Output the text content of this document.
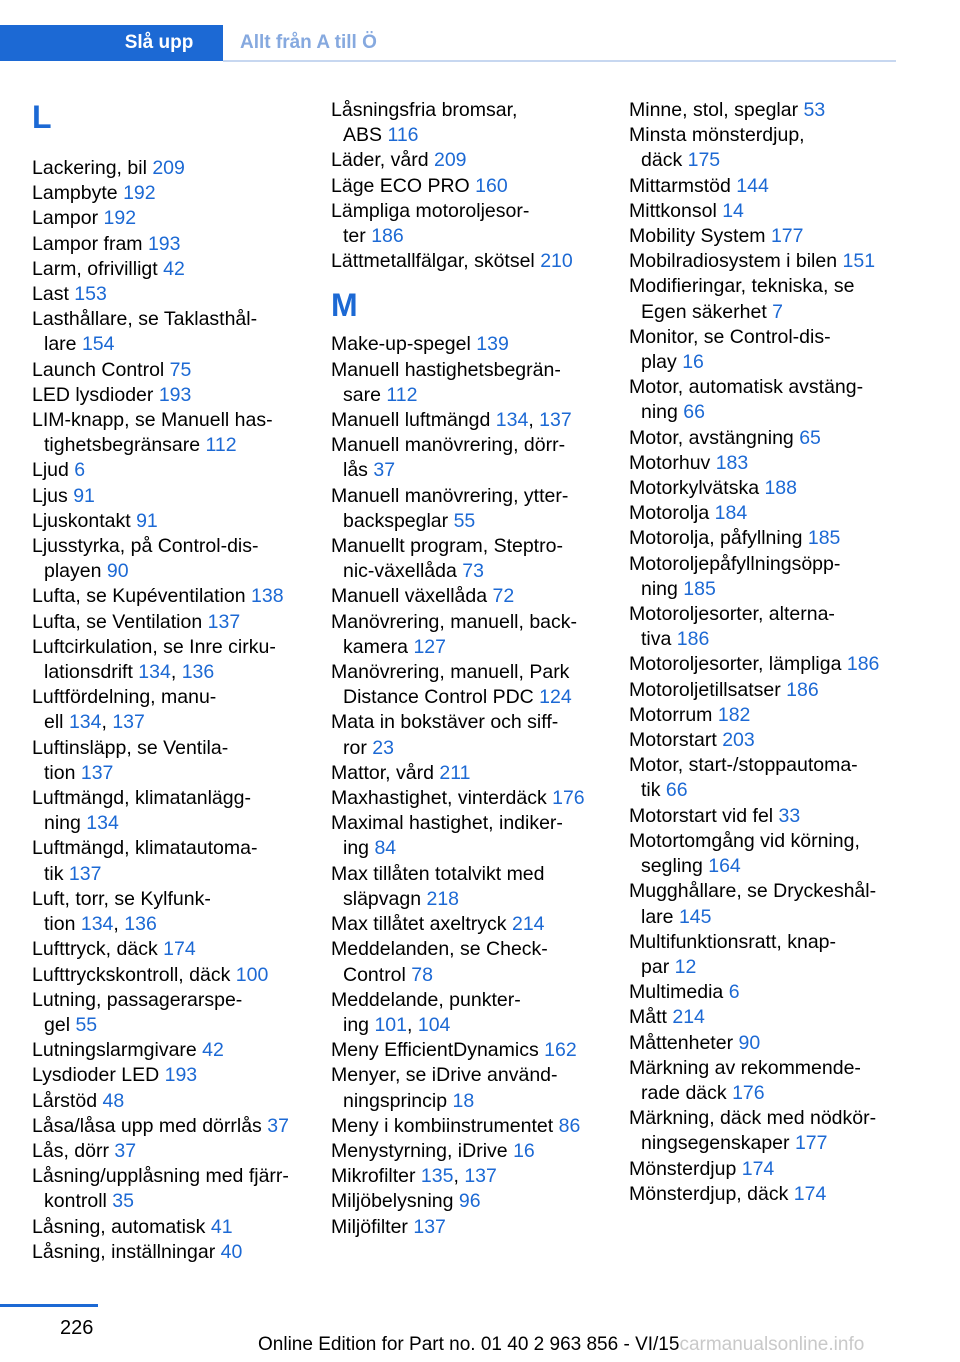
Slå upp	Allt från A till Ö
L
Lackering, bil 209
Lampbyte 192
Lampor 192
Lampor fram 193
Larm, ofrivilligt 42
Last 153
Lasthållare, se Taklasthål-
lare 154
Launch Control 75
LED lysdioder 193
LIM-knapp, se Manuell has-
tighetsbegränsare 112
Ljud 6
Ljus 91
Ljuskontakt 91
Ljusstyrka, på Control-dis-
playen 90
Lufta, se Kupéventilation 138
Lufta, se Ventilation 137
Luftcirkulation, se Inre cirku-
lationsdrift 134, 136
Luftfördelning, manu-
ell 134, 137
Luftinsläpp, se Ventila-
tion 137
Luftmängd, klimatanlägg-
ning 134
Luftmängd, klimatautoma-
tik 137
Luft, torr, se Kylfunk-
tion 134, 136
Lufttryck, däck 174
Lufttryckskontroll, däck 100
Lutning, passagerarspe-
gel 55
Lutningslarmgivare 42
Lysdioder LED 193
Lårstöd 48
Låsa/låsa upp med dörrlås 37
Lås, dörr 37
Låsning/upplåsning med fjärr-
kontroll 35
Låsning, automatisk 41
Låsning, inställningar 40
Låsningsfria bromsar,
ABS 116
Läder, vård 209
Läge ECO PRO 160
Lämpliga motoroljesor-
ter 186
Lättmetallfälgar, skötsel 210
M
Make-up-spegel 139
Manuell hastighetsbegrän-
sare 112
Manuell luftmängd 134, 137
Manuell manövrering, dörr-
lås 37
Manuell manövrering, ytter-
backspeglar 55
Manuellt program, Steptro-
nic-växellåda 73
Manuell växellåda 72
Manövrering, manuell, back-
kamera 127
Manövrering, manuell, Park
Distance Control PDC 124
Mata in bokstäver och siff-
ror 23
Mattor, vård 211
Maxhastighet, vinterdäck 176
Maximal hastighet, indiker-
ing 84
Max tillåten totalvikt med
släpvagn 218
Max tillåtet axeltryck 214
Meddelanden, se Check-
Control 78
Meddelande, punkter-
ing 101, 104
Meny EfficientDynamics 162
Menyer, se iDrive använd-
ningsprincip 18
Meny i kombiinstrumentet 86
Menystyrning, iDrive 16
Mikrofilter 135, 137
Miljöbelysning 96
Miljöfilter 137
Minne, stol, speglar 53
Minsta mönsterdjup,
däck 175
Mittarmstöd 144
Mittkonsol 14
Mobility System 177
Mobilradiosystem i bilen 151
Modifieringar, tekniska, se
Egen säkerhet 7
Monitor, se Control-dis-
play 16
Motor, automatisk avstäng-
ning 66
Motor, avstängning 65
Motorhuv 183
Motorkylvätska 188
Motorolja 184
Motorolja, påfyllning 185
Motoroljepåfyllningsöpp-
ning 185
Motoroljesorter, alterna-
tiva 186
Motoroljesorter, lämpliga 186
Motoroljetillsatser 186
Motorrum 182
Motorstart 203
Motor, start-/stoppautoma-
tik 66
Motorstart vid fel 33
Motortomgång vid körning,
segling 164
Mugghållare, se Dryckeshål-
lare 145
Multifunktionsratt, knap-
par 12
Multimedia 6
Mått 214
Måttenheter 90
Märkning av rekommende-
rade däck 176
Märkning, däck med nödkör-
ningsegenskaper 177
Mönsterdjup 174
Mönsterdjup, däck 174
226
Online Edition for Part no. 01 40 2 963 856 - VI/15carmanualsonline.info
